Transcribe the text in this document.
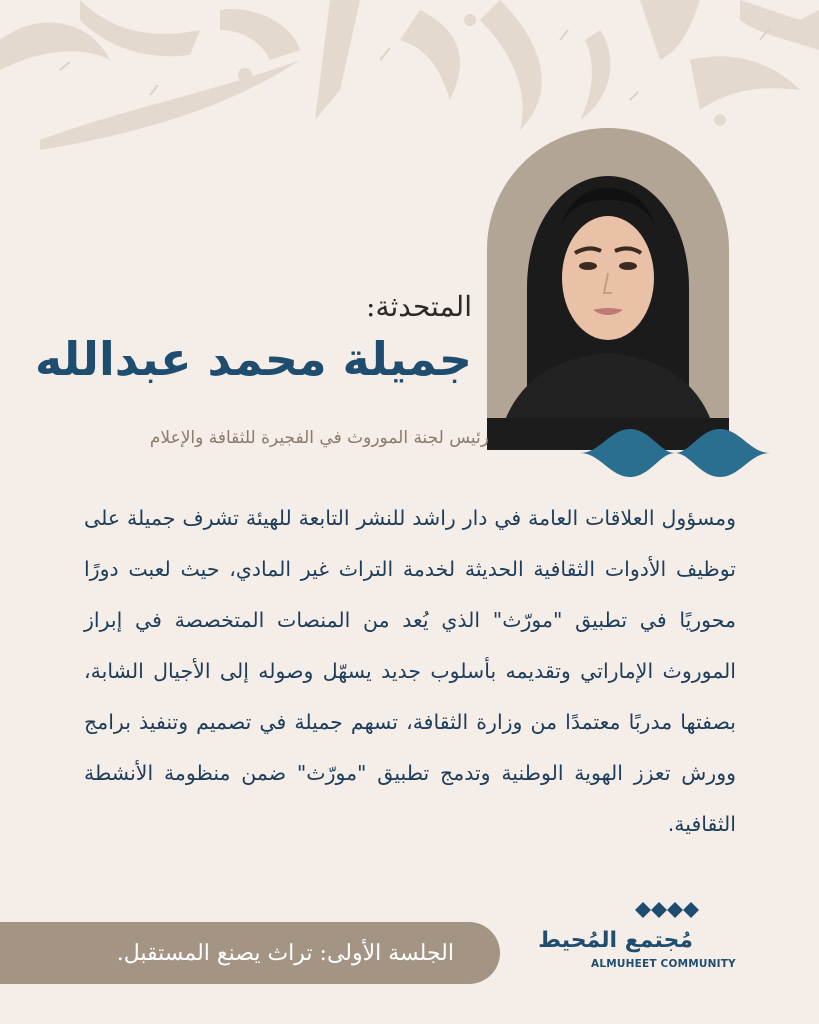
المتحدثة:

جميلة محمد عبدالله

رئيس لجنة الموروث في الفجيرة للثقافة والإعلام

ومسؤول العلاقات العامة في دار راشد للنشر التابعة للهيئة تشرف جميلة على توظيف الأدوات الثقافية الحديثة لخدمة التراث غير المادي، حيث لعبت دورًا محوريًا في تطبيق "مورّث" الذي يُعد من المنصات المتخصصة في إبراز الموروث الإماراتي وتقديمه بأسلوب جديد يسهّل وصوله إلى الأجيال الشابة، بصفتها مدربًا معتمدًا من وزارة الثقافة، تسهم جميلة في تصميم وتنفيذ برامج وورش تعزز الهوية الوطنية وتدمج تطبيق "مورّث" ضمن منظومة الأنشطة الثقافية.

الجلسة الأولى: تراث يصنع المستقبل.	مُجتمع المُحيط

ALMUHEET COMMUNITY
